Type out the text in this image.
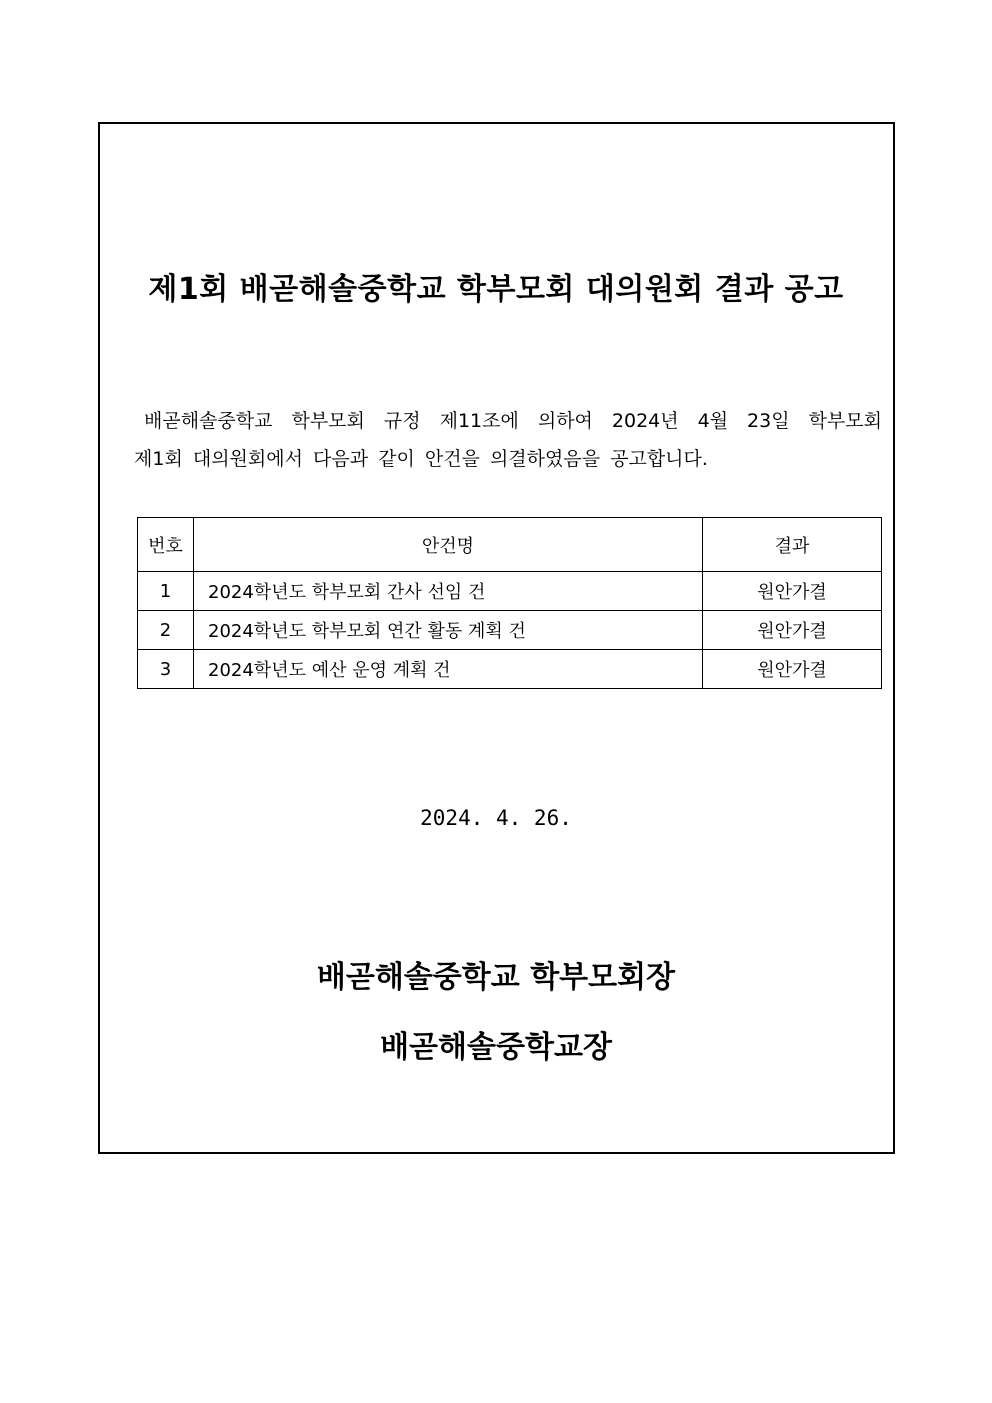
제1회 배곧해솔중학교 학부모회 대의원회 결과 공고

배곧해솔중학교 학부모회 규정 제11조에 의하여 2024년 4월 23일 학부모회
제1회 대의원회에서 다음과 같이 안건을 의결하였음을 공고합니다.

번호	안건명	결과
1	2024학년도 학부모회 간사 선임 건	원안가결
2	2024학년도 학부모회 연간 활동 계획 건	원안가결
3	2024학년도 예산 운영 계획 건	원안가결

2024. 4. 26.

배곧해솔중학교 학부모회장

배곧해솔중학교장
